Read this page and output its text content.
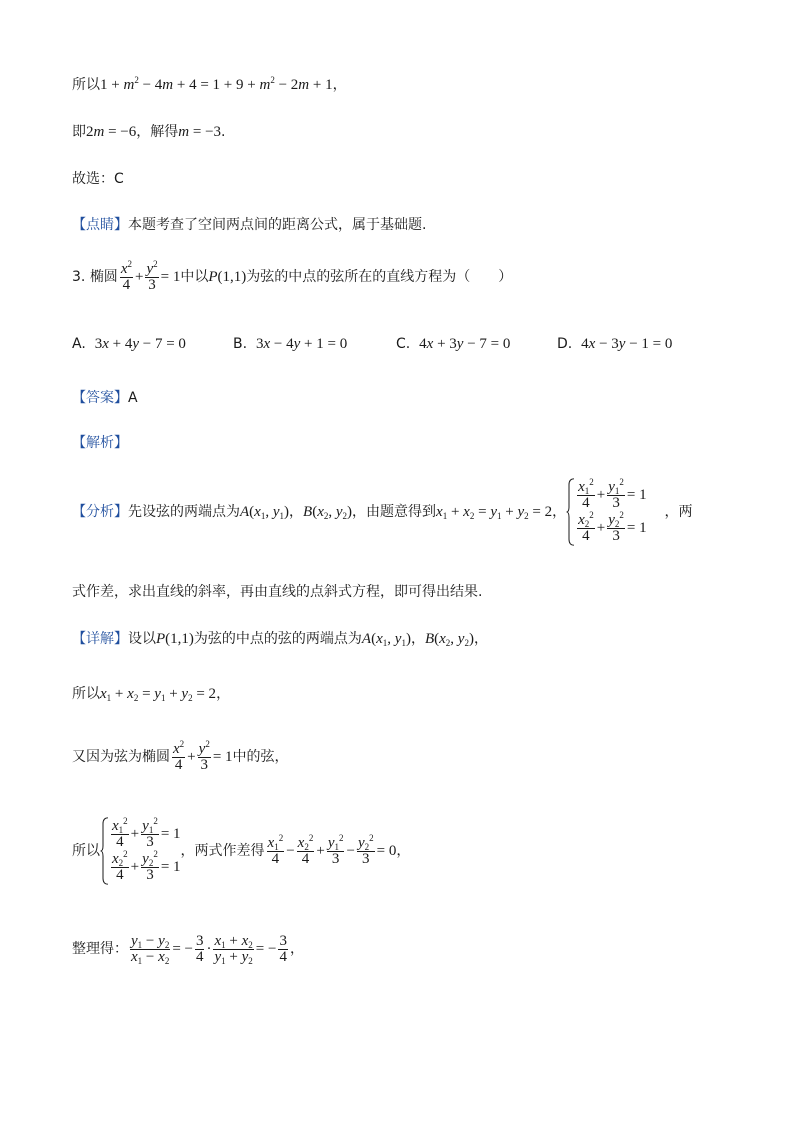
所以$1 + m^2 - 4m + 4 = 1 + 9 + m^2 - 2m + 1$，
即2m = −6，解得m = −3.
故选：C
【点睛】本题考查了空间两点间的距离公式，属于基础题.
3. 椭圆 $\frac{x^2}{4} + \frac{y^2}{3} = 1$中以P(1,1)为弦的中点的弦所在的直线方程为（　　）
A. 3x + 4y − 7 = 0	B. 3x − 4y + 1 = 0	C. 4x + 3y − 7 = 0	D. 4x − 3y − 1 = 0
【答案】A
【解析】
【分析】先设弦的两端点为$A(x_1$, $y_1$)，$B(x_2$, $y_2$)，由题意得到$x_1 + x_2 = y_1 + y_2 = 2$，
$\frac{x_1^2}{4} + \frac{y_1^2}{3} = 1$
$\frac{x_2^2}{4} + \frac{y_2^2}{3} = 1$
，两
式作差，求出直线的斜率，再由直线的点斜式方程，即可得出结果.
【详解】设以P(1,1)为弦的中点的弦的两端点为$A(x_1$, $y_1$)，$B(x_2$, $y_2$)，
所以$x_1 + x_2 = y_1 + y_2 = 2$，
又因为弦为椭圆 $\frac{x^2}{4} + \frac{y^2}{3} = 1$中的弦，
所以
$\frac{x_1^2}{4} + \frac{y_1^2}{3} = 1$
$\frac{x_2^2}{4} + \frac{y_2^2}{3} = 1$
，两式作差得 $\frac{x_1^2}{4} - \frac{x_2^2}{4} + \frac{y_1^2}{3} - \frac{y_2^2}{3} = 0$，
整理得： $\frac{y_1 - y_2}{x_1 - x_2}$ = − $\frac{3}{4} \cdot \frac{x_1 + x_2}{y_1 + y_2}$ = − $\frac{3}{4}$ ，
